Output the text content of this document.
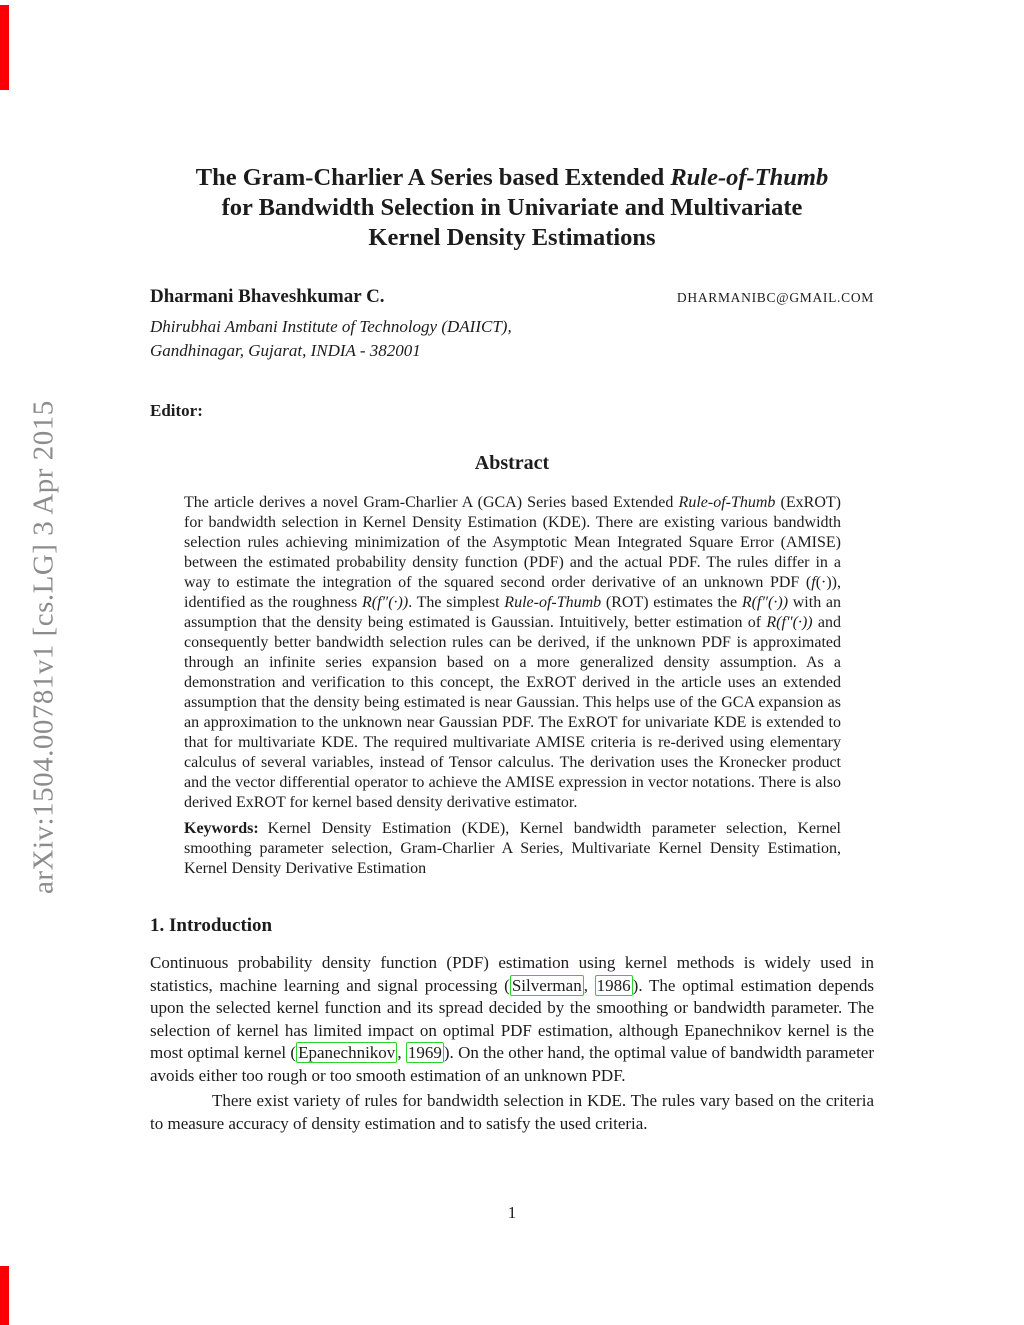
arXiv:1504.00781v1 [cs.LG] 3 Apr 2015
The Gram-Charlier A Series based Extended Rule-of-Thumb
for Bandwidth Selection in Univariate and Multivariate
Kernel Density Estimations
Dharmani Bhaveshkumar C.	DHARMANIBC@GMAIL.COM
Dhirubhai Ambani Institute of Technology (DAIICT),
Gandhinagar, Gujarat, INDIA - 382001
Editor:
Abstract
The article derives a novel Gram-Charlier A (GCA) Series based Extended Rule-of-Thumb (ExROT) for bandwidth selection in Kernel Density Estimation (KDE). There are existing various bandwidth selection rules achieving minimization of the Asymptotic Mean Integrated Square Error (AMISE) between the estimated probability density function (PDF) and the actual PDF. The rules differ in a way to estimate the integration of the squared second order derivative of an unknown PDF (f(·)), identified as the roughness R(f″(·)). The simplest Rule-of-Thumb (ROT) estimates the R(f″(·)) with an assumption that the density being estimated is Gaussian. Intuitively, better estimation of R(f″(·)) and consequently better bandwidth selection rules can be derived, if the unknown PDF is approximated through an infinite series expansion based on a more generalized density assumption. As a demonstration and verification to this concept, the ExROT derived in the article uses an extended assumption that the density being estimated is near Gaussian. This helps use of the GCA expansion as an approximation to the unknown near Gaussian PDF. The ExROT for univariate KDE is extended to that for multivariate KDE. The required multivariate AMISE criteria is re-derived using elementary calculus of several variables, instead of Tensor calculus. The derivation uses the Kronecker product and the vector differential operator to achieve the AMISE expression in vector notations. There is also derived ExROT for kernel based density derivative estimator.
Keywords: Kernel Density Estimation (KDE), Kernel bandwidth parameter selection, Kernel smoothing parameter selection, Gram-Charlier A Series, Multivariate Kernel Density Estimation, Kernel Density Derivative Estimation
1. Introduction
Continuous probability density function (PDF) estimation using kernel methods is widely used in statistics, machine learning and signal processing ( Silverman , 1986 ). The optimal estimation depends upon the selected kernel function and its spread decided by the smoothing or bandwidth parameter. The selection of kernel has limited impact on optimal PDF estimation, although Epanechnikov kernel is the most optimal kernel ( Epanechnikov , 1969 ). On the other hand, the optimal value of bandwidth parameter avoids either too rough or too smooth estimation of an unknown PDF.
There exist variety of rules for bandwidth selection in KDE. The rules vary based on the criteria to measure accuracy of density estimation and to satisfy the used criteria.
1
